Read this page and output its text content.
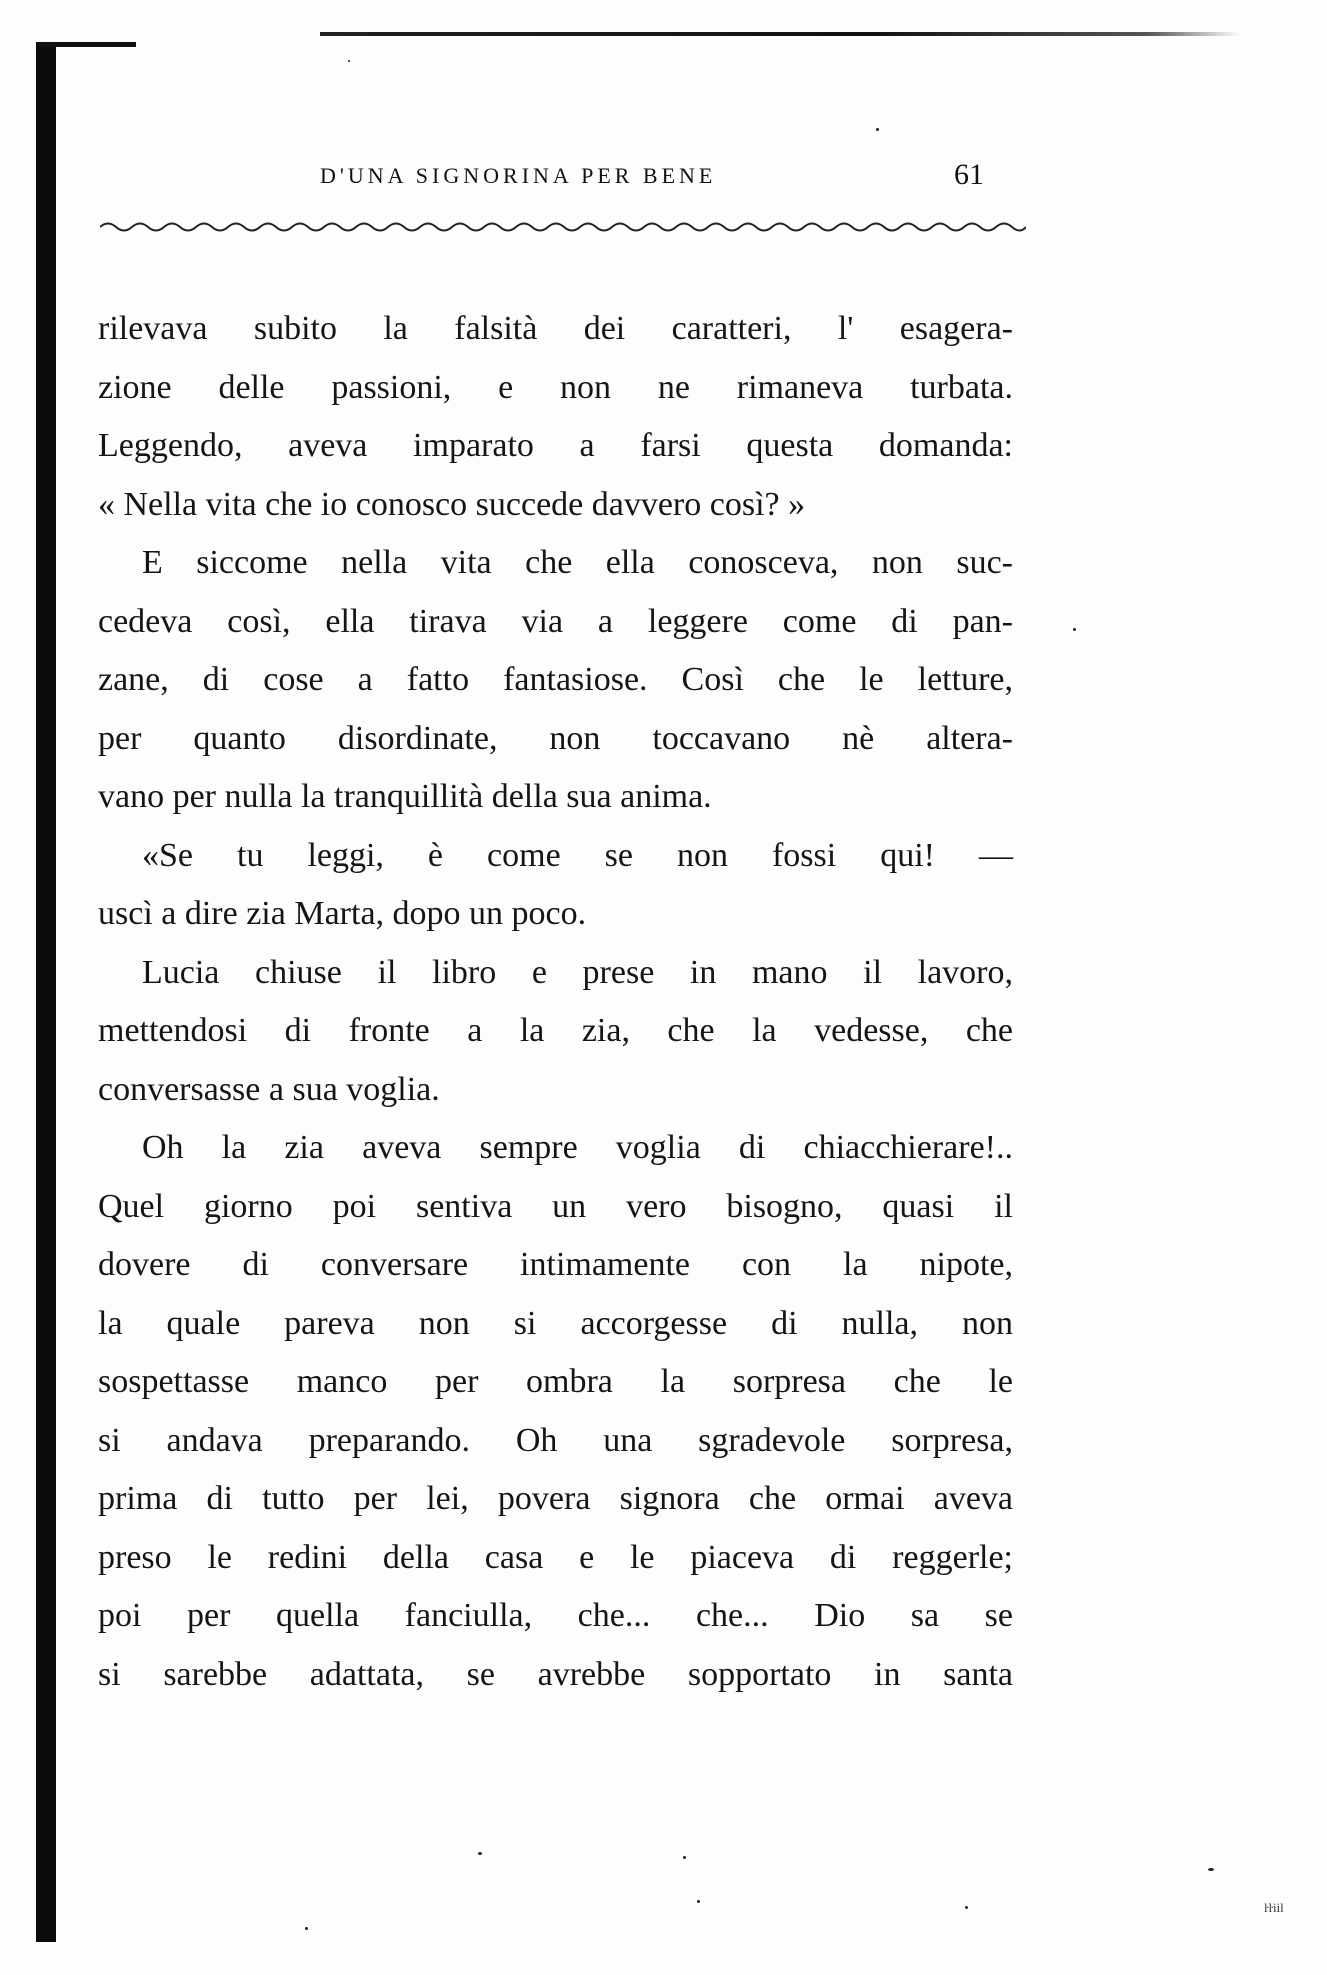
D'UNA SIGNORINA PER BENE	61
rilevava subito la falsità dei caratteri, l' esagera-
zione delle passioni, e non ne rimaneva turbata.
Leggendo, aveva imparato a farsi questa domanda:
« Nella vita che io conosco succede davvero così? »
E siccome nella vita che ella conosceva, non suc-
cedeva così, ella tirava via a leggere come di pan-
zane, di cose a fatto fantasiose. Così che le letture,
per quanto disordinate, non toccavano nè altera-
vano per nulla la tranquillità della sua anima.
«Se tu leggi, è come se non fossi qui! —
uscì a dire zia Marta, dopo un poco.
Lucia chiuse il libro e prese in mano il lavoro,
mettendosi di fronte a la zia, che la vedesse, che
conversasse a sua voglia.
Oh la zia aveva sempre voglia di chiacchierare!..
Quel giorno poi sentiva un vero bisogno, quasi il
dovere di conversare intimamente con la nipote,
la quale pareva non si accorgesse di nulla, non
sospettasse manco per ombra la sorpresa che le
si andava preparando. Oh una sgradevole sorpresa,
prima di tutto per lei, povera signora che ormai aveva
preso le redini della casa e le piaceva di reggerle;
poi per quella fanciulla, che... che... Dio sa se
si sarebbe adattata, se avrebbe sopportato in santa
ŀŀiil
